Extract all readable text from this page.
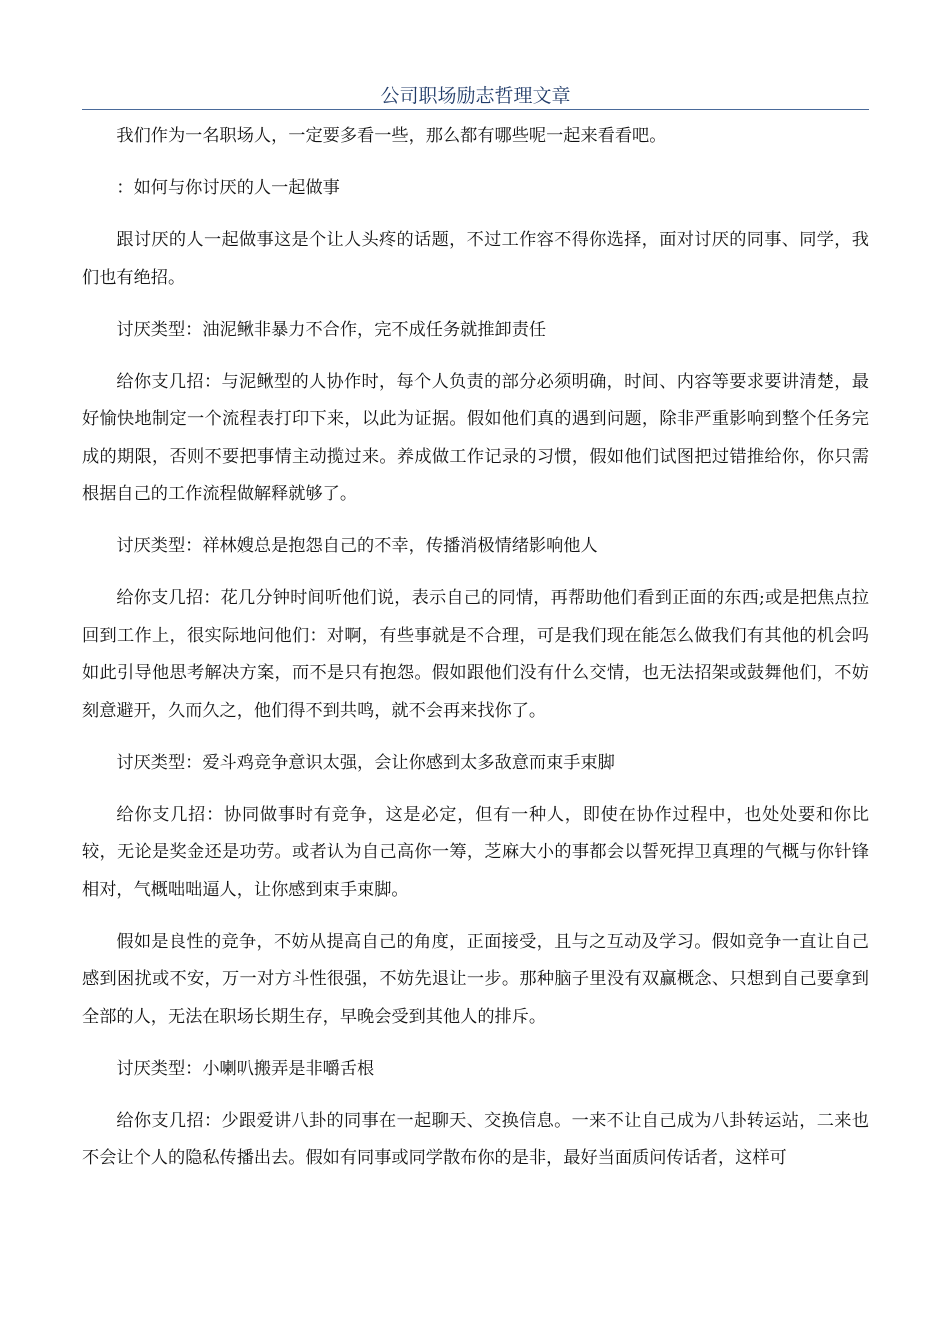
公司职场励志哲理文章

我们作为一名职场人，一定要多看一些，那么都有哪些呢一起来看看吧。

：如何与你讨厌的人一起做事

跟讨厌的人一起做事这是个让人头疼的话题，不过工作容不得你选择，面对讨厌的同事、同学，我们也有绝招。

讨厌类型：油泥鳅非暴力不合作，完不成任务就推卸责任

给你支几招：与泥鳅型的人协作时，每个人负责的部分必须明确，时间、内容等要求要讲清楚，最好愉快地制定一个流程表打印下来，以此为证据。假如他们真的遇到问题，除非严重影响到整个任务完成的期限，否则不要把事情主动揽过来。养成做工作记录的习惯，假如他们试图把过错推给你，你只需根据自己的工作流程做解释就够了。

讨厌类型：祥林嫂总是抱怨自己的不幸，传播消极情绪影响他人

给你支几招：花几分钟时间听他们说，表示自己的同情，再帮助他们看到正面的东西;或是把焦点拉回到工作上，很实际地问他们：对啊，有些事就是不合理，可是我们现在能怎么做我们有其他的机会吗如此引导他思考解决方案，而不是只有抱怨。假如跟他们没有什么交情，也无法招架或鼓舞他们，不妨刻意避开，久而久之，他们得不到共鸣，就不会再来找你了。

讨厌类型：爱斗鸡竞争意识太强，会让你感到太多敌意而束手束脚

给你支几招：协同做事时有竞争，这是必定，但有一种人，即使在协作过程中，也处处要和你比较，无论是奖金还是功劳。或者认为自己高你一筹，芝麻大小的事都会以誓死捍卫真理的气概与你针锋相对，气概咄咄逼人，让你感到束手束脚。

假如是良性的竞争，不妨从提高自己的角度，正面接受，且与之互动及学习。假如竞争一直让自己感到困扰或不安，万一对方斗性很强，不妨先退让一步。那种脑子里没有双赢概念、只想到自己要拿到全部的人，无法在职场长期生存，早晚会受到其他人的排斥。

讨厌类型：小喇叭搬弄是非嚼舌根

给你支几招：少跟爱讲八卦的同事在一起聊天、交换信息。一来不让自己成为八卦转运站，二来也不会让个人的隐私传播出去。假如有同事或同学散布你的是非，最好当面质问传话者，这样可
